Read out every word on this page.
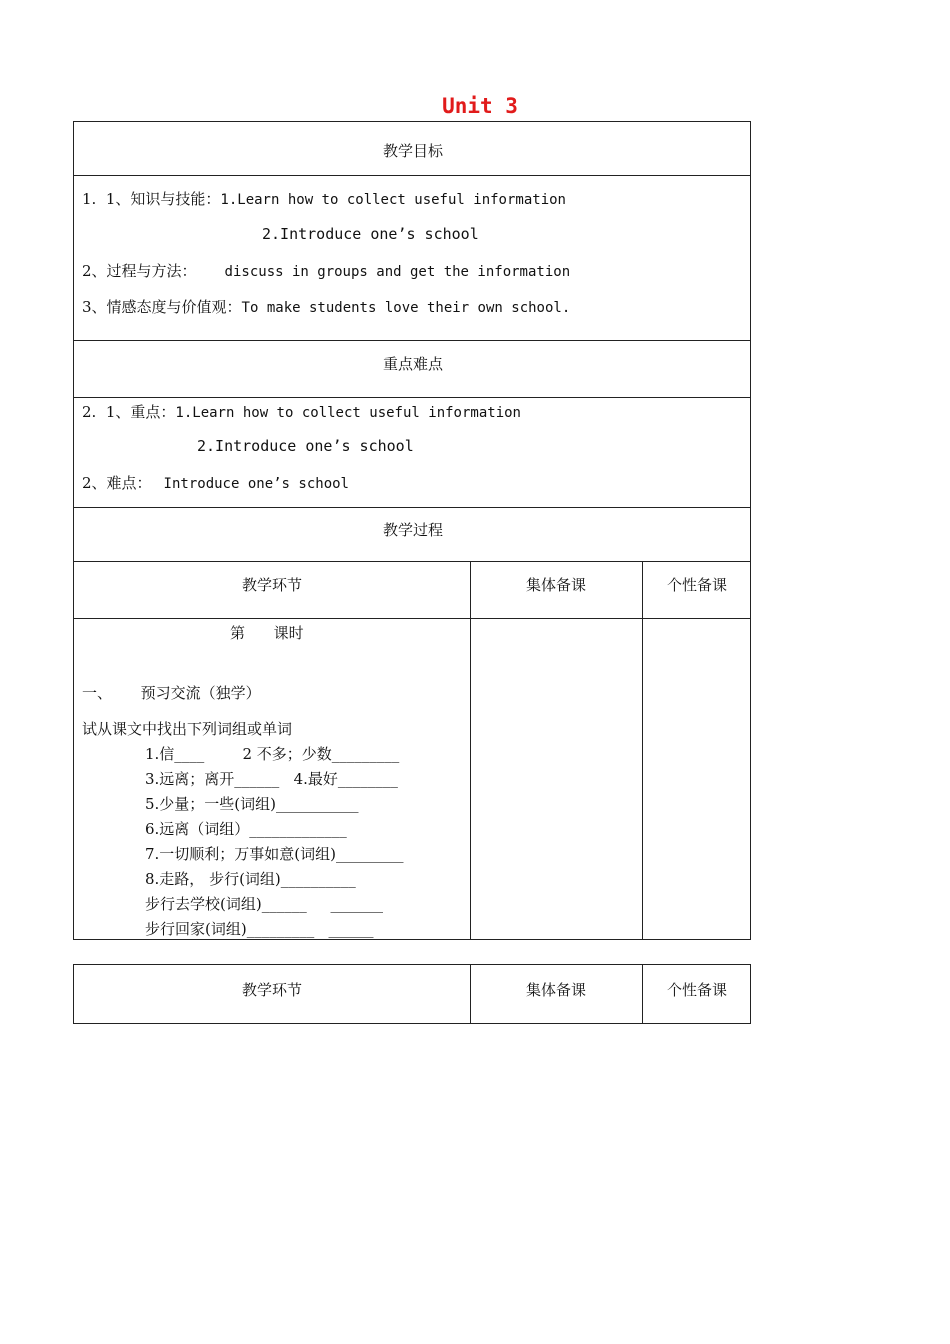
Unit 3
教学目标
1.  1、知识与技能：1.Learn how to collect useful information
2.Introduce one’s school
2、过程与方法： discuss in groups and get the information
3、情感态度与价值观：To make students love their own school.
重点难点
2.  1、重点：1.Learn how to collect useful information
2.Introduce one’s school
2、难点： Introduce one’s school
教学过程
教学环节	集体备课	个性备课
第      课时
一、      预习交流（独学）
试从课文中找出下列词组或单词
1.信____        2 不多；少数_________
3.远离；离开______   4.最好________
5.少量；一些(词组)___________
6.远离（词组）_____________
7.一切顺利；万事如意(词组)_________
8.走路， 步行(词组)__________
步行去学校(词组)______     _______
步行回家(词组)_________   ______
教学环节	集体备课	个性备课
